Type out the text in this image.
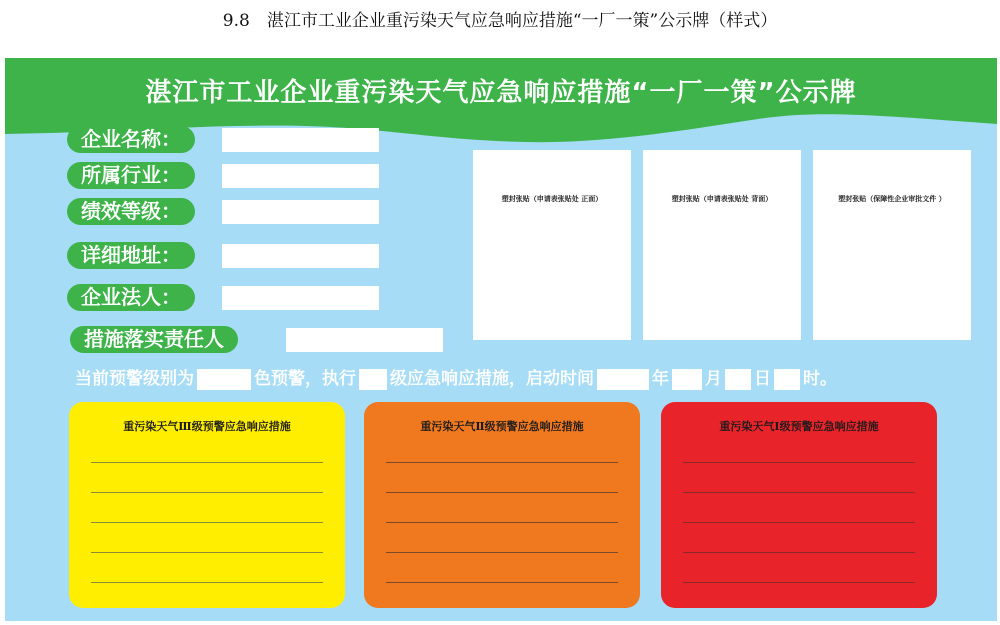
9.8　湛江市工业企业重污染天气应急响应措施“一厂一策”公示牌（样式）
湛江市工业企业重污染天气应急响应措施“一厂一策”公示牌
企业名称：
所属行业：
绩效等级：
详细地址：
企业法人：
措施落实责任人
塑封张贴（申请表张贴处 正面）	塑封张贴（申请表张贴处 背面）	塑封张贴（保障性企业审批文件 ）
当前预警级别为	色预警，执行 级应急响应措施，启动时间	年 月 日 时。
重污染天气Ⅲ级预警应急响应措施	重污染天气Ⅱ级预警应急响应措施	重污染天气Ⅰ级预警应急响应措施
